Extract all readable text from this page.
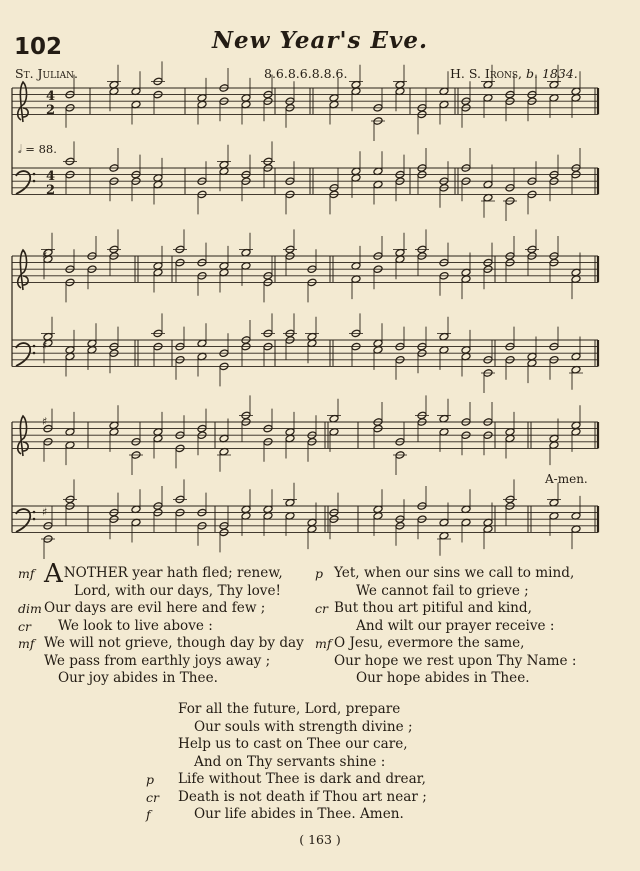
102	New Year's Eve.
St. Julian.	8.6.8.6.8.8.6.	H. S. Irons, b. 1834.
4
2
4
2
♯
♯
♯
♯
𝅗𝅥 = 88.
A-men.
mf ANOTHER year hath fled; renew,
Lord, with our days, Thy love!
dim Our days are evil here and few ;
cr We look to live above :
mf We will not grieve, though day by day
We pass from earthly joys away ;
Our joy abides in Thee.
p Yet, when our sins we call to mind,
We cannot fail to grieve ;
cr But thou art pitiful and kind,
And wilt our prayer receive :
mf O Jesu, evermore the same,
Our hope we rest upon Thy Name :
Our hope abides in Thee.
For all the future, Lord, prepare
Our souls with strength divine ;
Help us to cast on Thee our care,
And on Thy servants shine :
p Life without Thee is dark and drear,
cr Death is not death if Thou art near ;
f	Our life abides in Thee. Amen.
( 163 )
